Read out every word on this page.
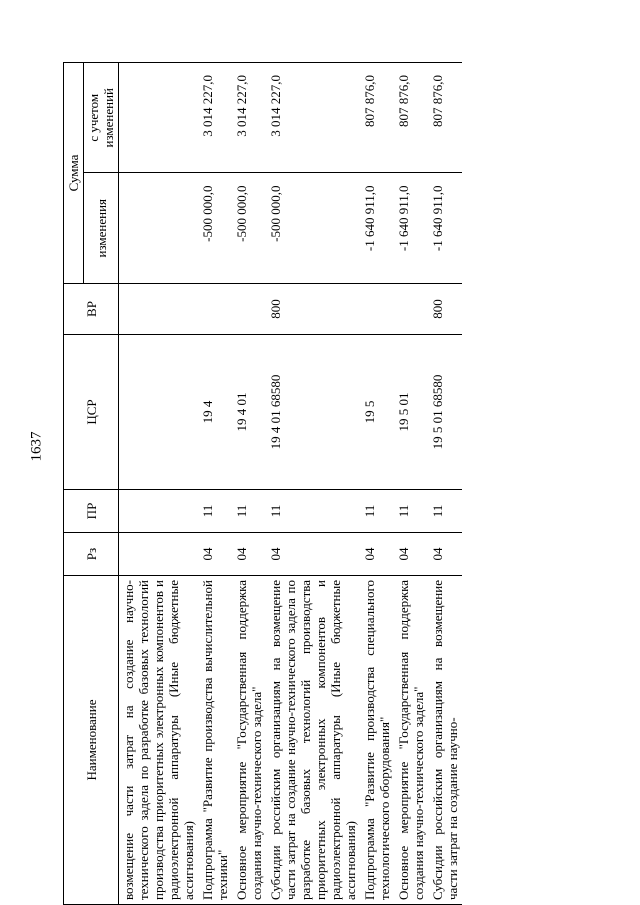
1637
Наименование	Рз	ПР	ЦСР	ВР	Сумма	
					изменения	с учетом изменений
возмещение части затрат на создание научно-технического задела по разработке базовых технологий производства приоритетных электронных компонентов и радиоэлектронной аппаратуры (Иные бюджетные ассигнования)						
Подпрограмма "Развитие производства вычислительной техники"	04	11	19 4		-500 000,0	3 014 227,0
Основное мероприятие "Государственная поддержка создания научно-технического задела"	04	11	19 4 01		-500 000,0	3 014 227,0
Субсидии российским организациям на возмещение части затрат на создание научно-технического задела по разработке базовых технологий производства приоритетных электронных компонентов и радиоэлектронной аппаратуры (Иные бюджетные ассигнования)	04	11	19 4 01 68580	800	-500 000,0	3 014 227,0
Подпрограмма "Развитие производства специального технологического оборудования"	04	11	19 5		-1 640 911,0	807 876,0
Основное мероприятие "Государственная поддержка создания научно-технического задела"	04	11	19 5 01		-1 640 911,0	807 876,0
Субсидии российским организациям на возмещение части затрат на создание научно-	04	11	19 5 01 68580	800	-1 640 911,0	807 876,0
